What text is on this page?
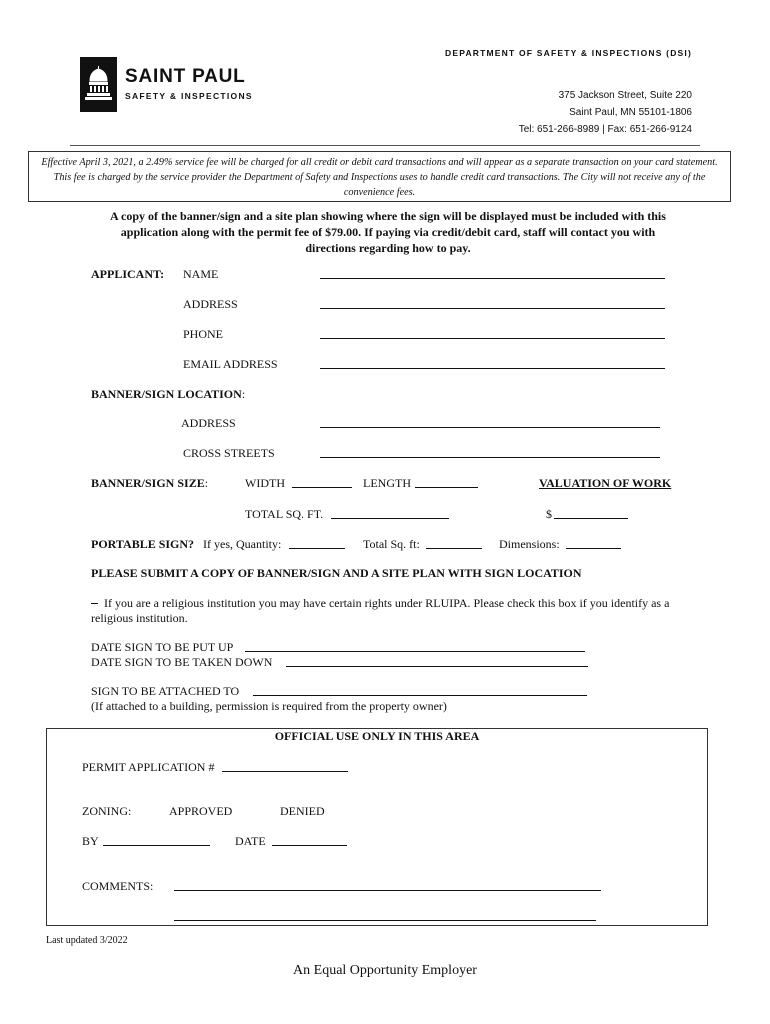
DEPARTMENT OF SAFETY & INSPECTIONS (DSI)
SAINT PAUL
SAFETY & INSPECTIONS	375 Jackson Street, Suite 220
Saint Paul, MN 55101-1806
Tel: 651-266-8989 | Fax: 651-266-9124
Effective April 3, 2021, a 2.49% service fee will be charged for all credit or debit card transactions and will appear as a separate transaction on your card statement. This fee is charged by the service provider the Department of Safety and Inspections uses to handle credit card transactions. The City will not receive any of the convenience fees.
A copy of the banner/sign and a site plan showing where the sign will be displayed must be included with this application along with the permit fee of $79.00. If paying via credit/debit card, staff will contact you with directions regarding how to pay.
APPLICANT: NAME
ADDRESS
PHONE
EMAIL ADDRESS
BANNER/SIGN LOCATION:
ADDRESS
CROSS STREETS
BANNER/SIGN SIZE:	WIDTH	LENGTH	VALUATION OF WORK
TOTAL SQ. FT.	$
PORTABLE SIGN? If yes, Quantity:	Total Sq. ft:	Dimensions:
PLEASE SUBMIT A COPY OF BANNER/SIGN AND A SITE PLAN WITH SIGN LOCATION
If you are a religious institution you may have certain rights under RLUIPA. Please check this box if you identify as a
religious institution.
DATE SIGN TO BE PUT UP
DATE SIGN TO BE TAKEN DOWN
SIGN TO BE ATTACHED TO
(If attached to a building, permission is required from the property owner)
OFFICIAL USE ONLY IN THIS AREA
PERMIT APPLICATION #
ZONING:	APPROVED	DENIED
BY	DATE
COMMENTS:
Last updated 3/2022
An Equal Opportunity Employer
